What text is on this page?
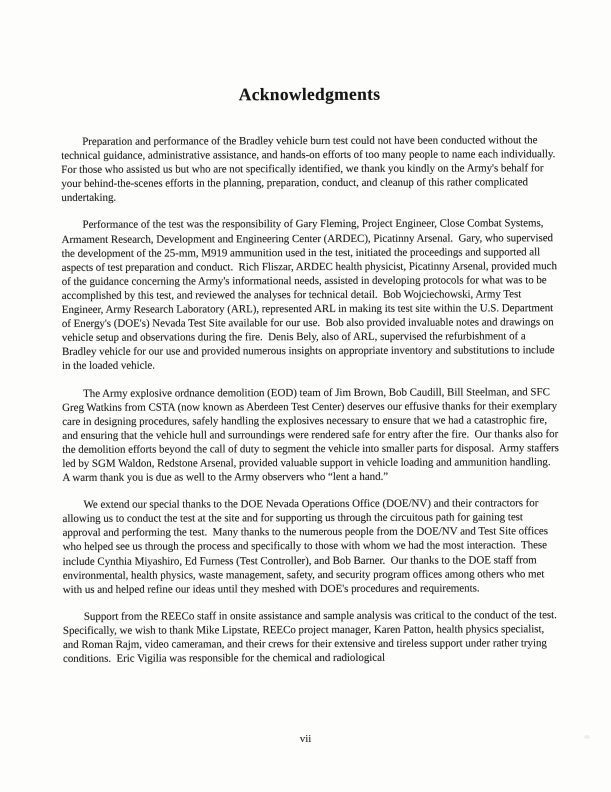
Acknowledgments

Preparation and performance of the Bradley vehicle burn test could not have been conducted without the technical guidance, administrative assistance, and hands-on efforts of too many people to name each individually.  For those who assisted us but who are not specifically identified, we thank you kindly on the Army's behalf for your behind-the-scenes efforts in the planning, preparation, conduct, and cleanup of this rather complicated undertaking.

Performance of the test was the responsibility of Gary Fleming, Project Engineer, Close Combat Systems, Armament Research, Development and Engineering Center (ARDEC), Picatinny Arsenal.  Gary, who supervised the development of the 25-mm, M919 ammunition used in the test, initiated the proceedings and supported all aspects of test preparation and conduct.  Rich Fliszar, ARDEC health physicist, Picatinny Arsenal, provided much of the guidance concerning the Army's informational needs, assisted in developing protocols for what was to be accomplished by this test, and reviewed the analyses for technical detail.  Bob Wojciechowski, Army Test Engineer, Army Research Laboratory (ARL), represented ARL in making its test site within the U.S. Department of Energy's (DOE's) Nevada Test Site available for our use.  Bob also provided invaluable notes and drawings on vehicle setup and observations during the fire.  Denis Bely, also of ARL, supervised the refurbishment of a Bradley vehicle for our use and provided numerous insights on appropriate inventory and substitutions to include in the loaded vehicle.

The Army explosive ordnance demolition (EOD) team of Jim Brown, Bob Caudill, Bill Steelman, and SFC Greg Watkins from CSTA (now known as Aberdeen Test Center) deserves our effusive thanks for their exemplary care in designing procedures, safely handling the explosives necessary to ensure that we had a catastrophic fire, and ensuring that the vehicle hull and surroundings were rendered safe for entry after the fire.  Our thanks also for the demolition efforts beyond the call of duty to segment the vehicle into smaller parts for disposal.  Army staffers led by SGM Waldon, Redstone Arsenal, provided valuable support in vehicle loading and ammunition handling.  A warm thank you is due as well to the Army observers who “lent a hand.”

We extend our special thanks to the DOE Nevada Operations Office (DOE/NV) and their contractors for allowing us to conduct the test at the site and for supporting us through the circuitous path for gaining test approval and performing the test.  Many thanks to the numerous people from the DOE/NV and Test Site offices who helped see us through the process and specifically to those with whom we had the most interaction.  These include Cynthia Miyashiro, Ed Furness (Test Controller), and Bob Barner.  Our thanks to the DOE staff from environmental, health physics, waste management, safety, and security program offices among others who met with us and helped refine our ideas until they meshed with DOE's procedures and requirements.

Support from the REECo staff in onsite assistance and sample analysis was critical to the conduct of the test.  Specifically, we wish to thank Mike Lipstate, REECo project manager, Karen Patton, health physics specialist, and Roman Rajm, video cameraman, and their crews for their extensive and tireless support under rather trying conditions.  Eric Vigilia was responsible for the chemical and radiological

vii
